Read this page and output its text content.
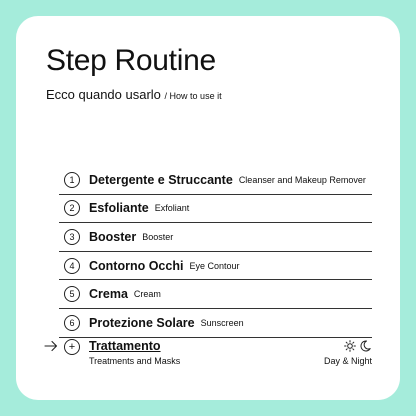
Step Routine
Ecco quando usarlo / How to use it
1	Detergente e Struccante Cleanser and Makeup Remover
2	Esfoliante Exfoliant
3	Booster Booster
4	Contorno Occhi Eye Contour
5	Crema Cream
6	Protezione Solare Sunscreen
+	Trattamento
Treatments and Masks	Day & Night
